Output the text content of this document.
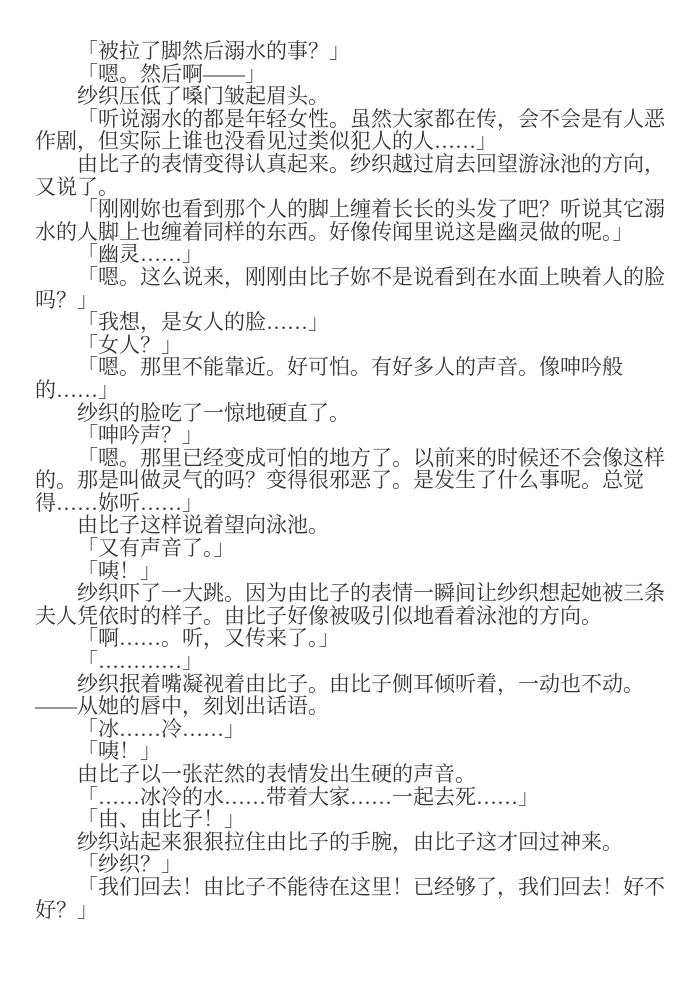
「被拉了脚然后溺水的事？」
「嗯。然后啊——」
纱织压低了嗓门皱起眉头。
「听说溺水的都是年轻女性。虽然大家都在传，会不会是有人恶
作剧，但实际上谁也没看见过类似犯人的人……」
由比子的表情变得认真起来。纱织越过肩去回望游泳池的方向，
又说了。
「刚刚妳也看到那个人的脚上缠着长长的头发了吧？听说其它溺
水的人脚上也缠着同样的东西。好像传闻里说这是幽灵做的呢。」
「幽灵……」
「嗯。这么说来，刚刚由比子妳不是说看到在水面上映着人的脸
吗？」
「我想，是女人的脸……」
「女人？」
「嗯。那里不能靠近。好可怕。有好多人的声音。像呻吟般
的……」
纱织的脸吃了一惊地硬直了。
「呻吟声？」
「嗯。那里已经变成可怕的地方了。以前来的时候还不会像这样
的。那是叫做灵气的吗？变得很邪恶了。是发生了什么事呢。总觉
得……妳听……」
由比子这样说着望向泳池。
「又有声音了。」
「咦！」
纱织吓了一大跳。因为由比子的表情一瞬间让纱织想起她被三条
夫人凭依时的样子。由比子好像被吸引似地看着泳池的方向。
「啊……。听，又传来了。」
「…………」
纱织抿着嘴凝视着由比子。由比子侧耳倾听着，一动也不动。
——从她的唇中，刻划出话语。
「冰……冷……」
「咦！」
由比子以一张茫然的表情发出生硬的声音。
「……冰冷的水……带着大家……一起去死……」
「由、由比子！」
纱织站起来狠狠拉住由比子的手腕，由比子这才回过神来。
「纱织？」
「我们回去！由比子不能待在这里！已经够了，我们回去！好不
好？」
